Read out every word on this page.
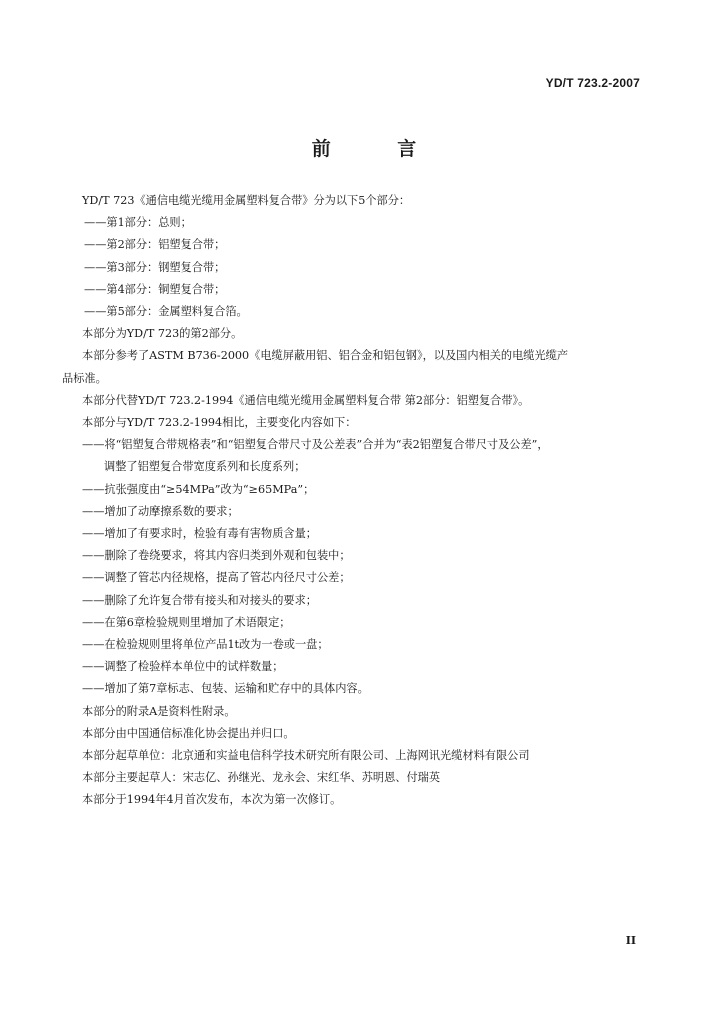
YD/T 723.2-2007
前 言

YD/T 723《通信电缆光缆用金属塑料复合带》分为以下5个部分：

——第1部分：总则；

——第2部分：铝塑复合带；

——第3部分：钢塑复合带；

——第4部分：铜塑复合带；

——第5部分：金属塑料复合箔。

本部分为YD/T 723的第2部分。

本部分参考了ASTM B736-2000《电缆屏蔽用铝、铝合金和铝包钢》，以及国内相关的电缆光缆产

品标准。

本部分代替YD/T 723.2-1994《通信电缆光缆用金属塑料复合带 第2部分：铝塑复合带》。

本部分与YD/T 723.2-1994相比，主要变化内容如下：

——将“铝塑复合带规格表”和“铝塑复合带尺寸及公差表”合并为“表2铝塑复合带尺寸及公差”，

调整了铝塑复合带宽度系列和长度系列；

——抗张强度由“≥54MPa”改为“≥65MPa”；

——增加了动摩擦系数的要求；

——增加了有要求时，检验有毒有害物质含量；

——删除了卷绕要求，将其内容归类到外观和包装中；

——调整了管芯内径规格，提高了管芯内径尺寸公差；

——删除了允许复合带有接头和对接头的要求；

——在第6章检验规则里增加了术语限定；

——在检验规则里将单位产品1t改为一卷或一盘；

——调整了检验样本单位中的试样数量；

——增加了第7章标志、包装、运输和贮存中的具体内容。

本部分的附录A是资料性附录。

本部分由中国通信标准化协会提出并归口。

本部分起草单位：北京通和实益电信科学技术研究所有限公司、上海网讯光缆材料有限公司

本部分主要起草人：宋志亿、孙继光、龙永会、宋红华、苏明恩、付瑞英

本部分于1994年4月首次发布，本次为第一次修订。

II
